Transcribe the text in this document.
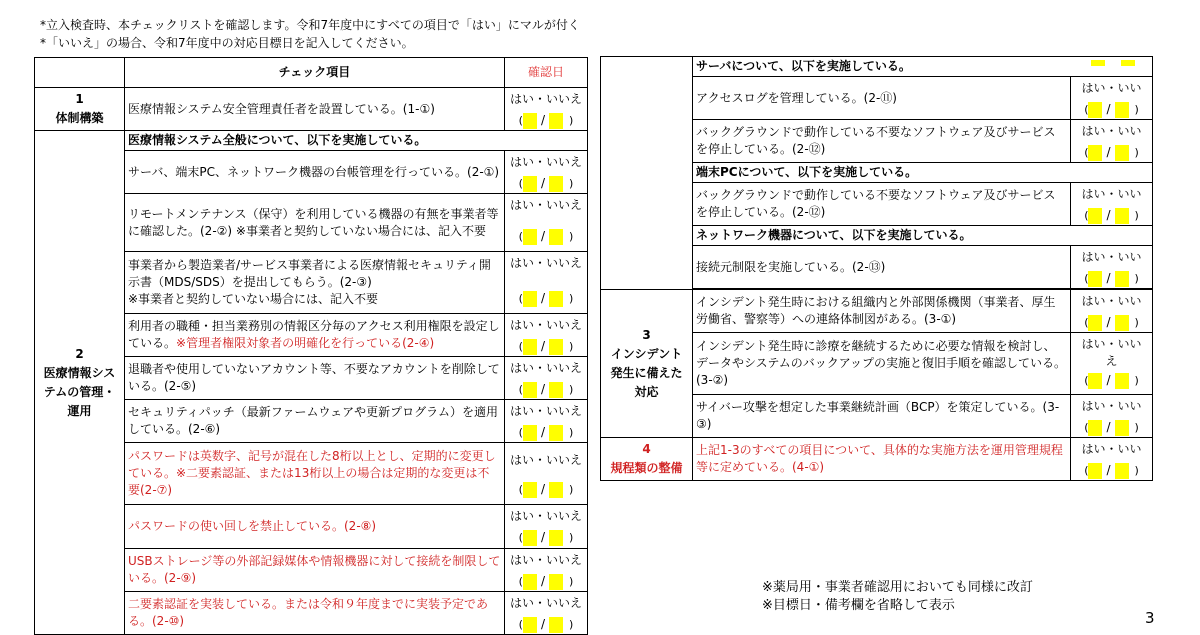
*立入検査時、本チェックリストを確認します。令和7年度中にすべての項目で「はい」にマルが付く
*「いいえ」の場合、令和7年度中の対応目標日を記入してください。
	チェック項目	確認日

1
体制構築	医療情報システム安全管理責任者を設置している。(1-①)	はい・いいえ
( / )

2
医療情報シス
テムの管理・
運用	医療情報システム全般について、以下を実施している。	
	サーバ、端末PC、ネットワーク機器の台帳管理を行っている。(2-①)	はい・いいえ
( / )

	リモートメンテナンス（保守）を利用している機器の有無を事業者等に確認した。(2-②) ※事業者と契約していない場合には、記入不要	はい・いいえ
( / )

	事業者から製造業者/サービス事業者による医療情報セキュリティ開示書（MDS/SDS）を提出してもらう。(2-③)
※事業者と契約していない場合には、記入不要	はい・いいえ
( / )

	利用者の職種・担当業務別の情報区分毎のアクセス利用権限を設定している。※管理者権限対象者の明確化を行っている(2-④)	はい・いいえ
( / )

	退職者や使用していないアカウント等、不要なアカウントを削除している。(2-⑤)	はい・いいえ
( / )

	セキュリティパッチ（最新ファームウェアや更新プログラム）を適用している。(2-⑥)	はい・いいえ
( / )

	パスワードは英数字、記号が混在した8桁以上とし、定期的に変更している。※二要素認証、または13桁以上の場合は定期的な変更は不要(2-⑦)	はい・いいえ
( / )

	パスワードの使い回しを禁止している。(2-⑧)	はい・いいえ
( / )

	USBストレージ等の外部記録媒体や情報機器に対して接続を制限している。(2-⑨)	はい・いいえ
( / )

	二要素認証を実装している。または令和９年度までに実装予定である。(2-⑩)	はい・いいえ
( / )
	サーバについて、以下を実施している。	
	アクセスログを管理している。(2-⑪)	はい・いい
( / )

	バックグラウンドで動作している不要なソフトウェア及びサービスを停止している。(2-⑫)	はい・いい
( / )

	端末PCについて、以下を実施している。	
	バックグラウンドで動作している不要なソフトウェア及びサービスを停止している。(2-⑫)	はい・いい
( / )

	ネットワーク機器について、以下を実施している。	
	接続元制限を実施している。(2-⑬)	はい・いい
( / )

3
インシデント
発生に備えた
対応	インシデント発生時における組織内と外部関係機関（事業者、厚生労働省、警察等）への連絡体制図がある。(3-①)	はい・いい
( / )

	インシデント発生時に診療を継続するために必要な情報を検討し、データやシステムのバックアップの実施と復旧手順を確認している。(3-②)	はい・いい
え
( / )

	サイバー攻撃を想定した事業継続計画（BCP）を策定している。(3-③)	はい・いい
( / )

4
規程類の整備	上記1-3のすべての項目について、具体的な実施方法を運用管理規程等に定めている。(4-①)	はい・いい
( / )
※薬局用・事業者確認用においても同様に改訂
※目標日・備考欄を省略して表示
3
